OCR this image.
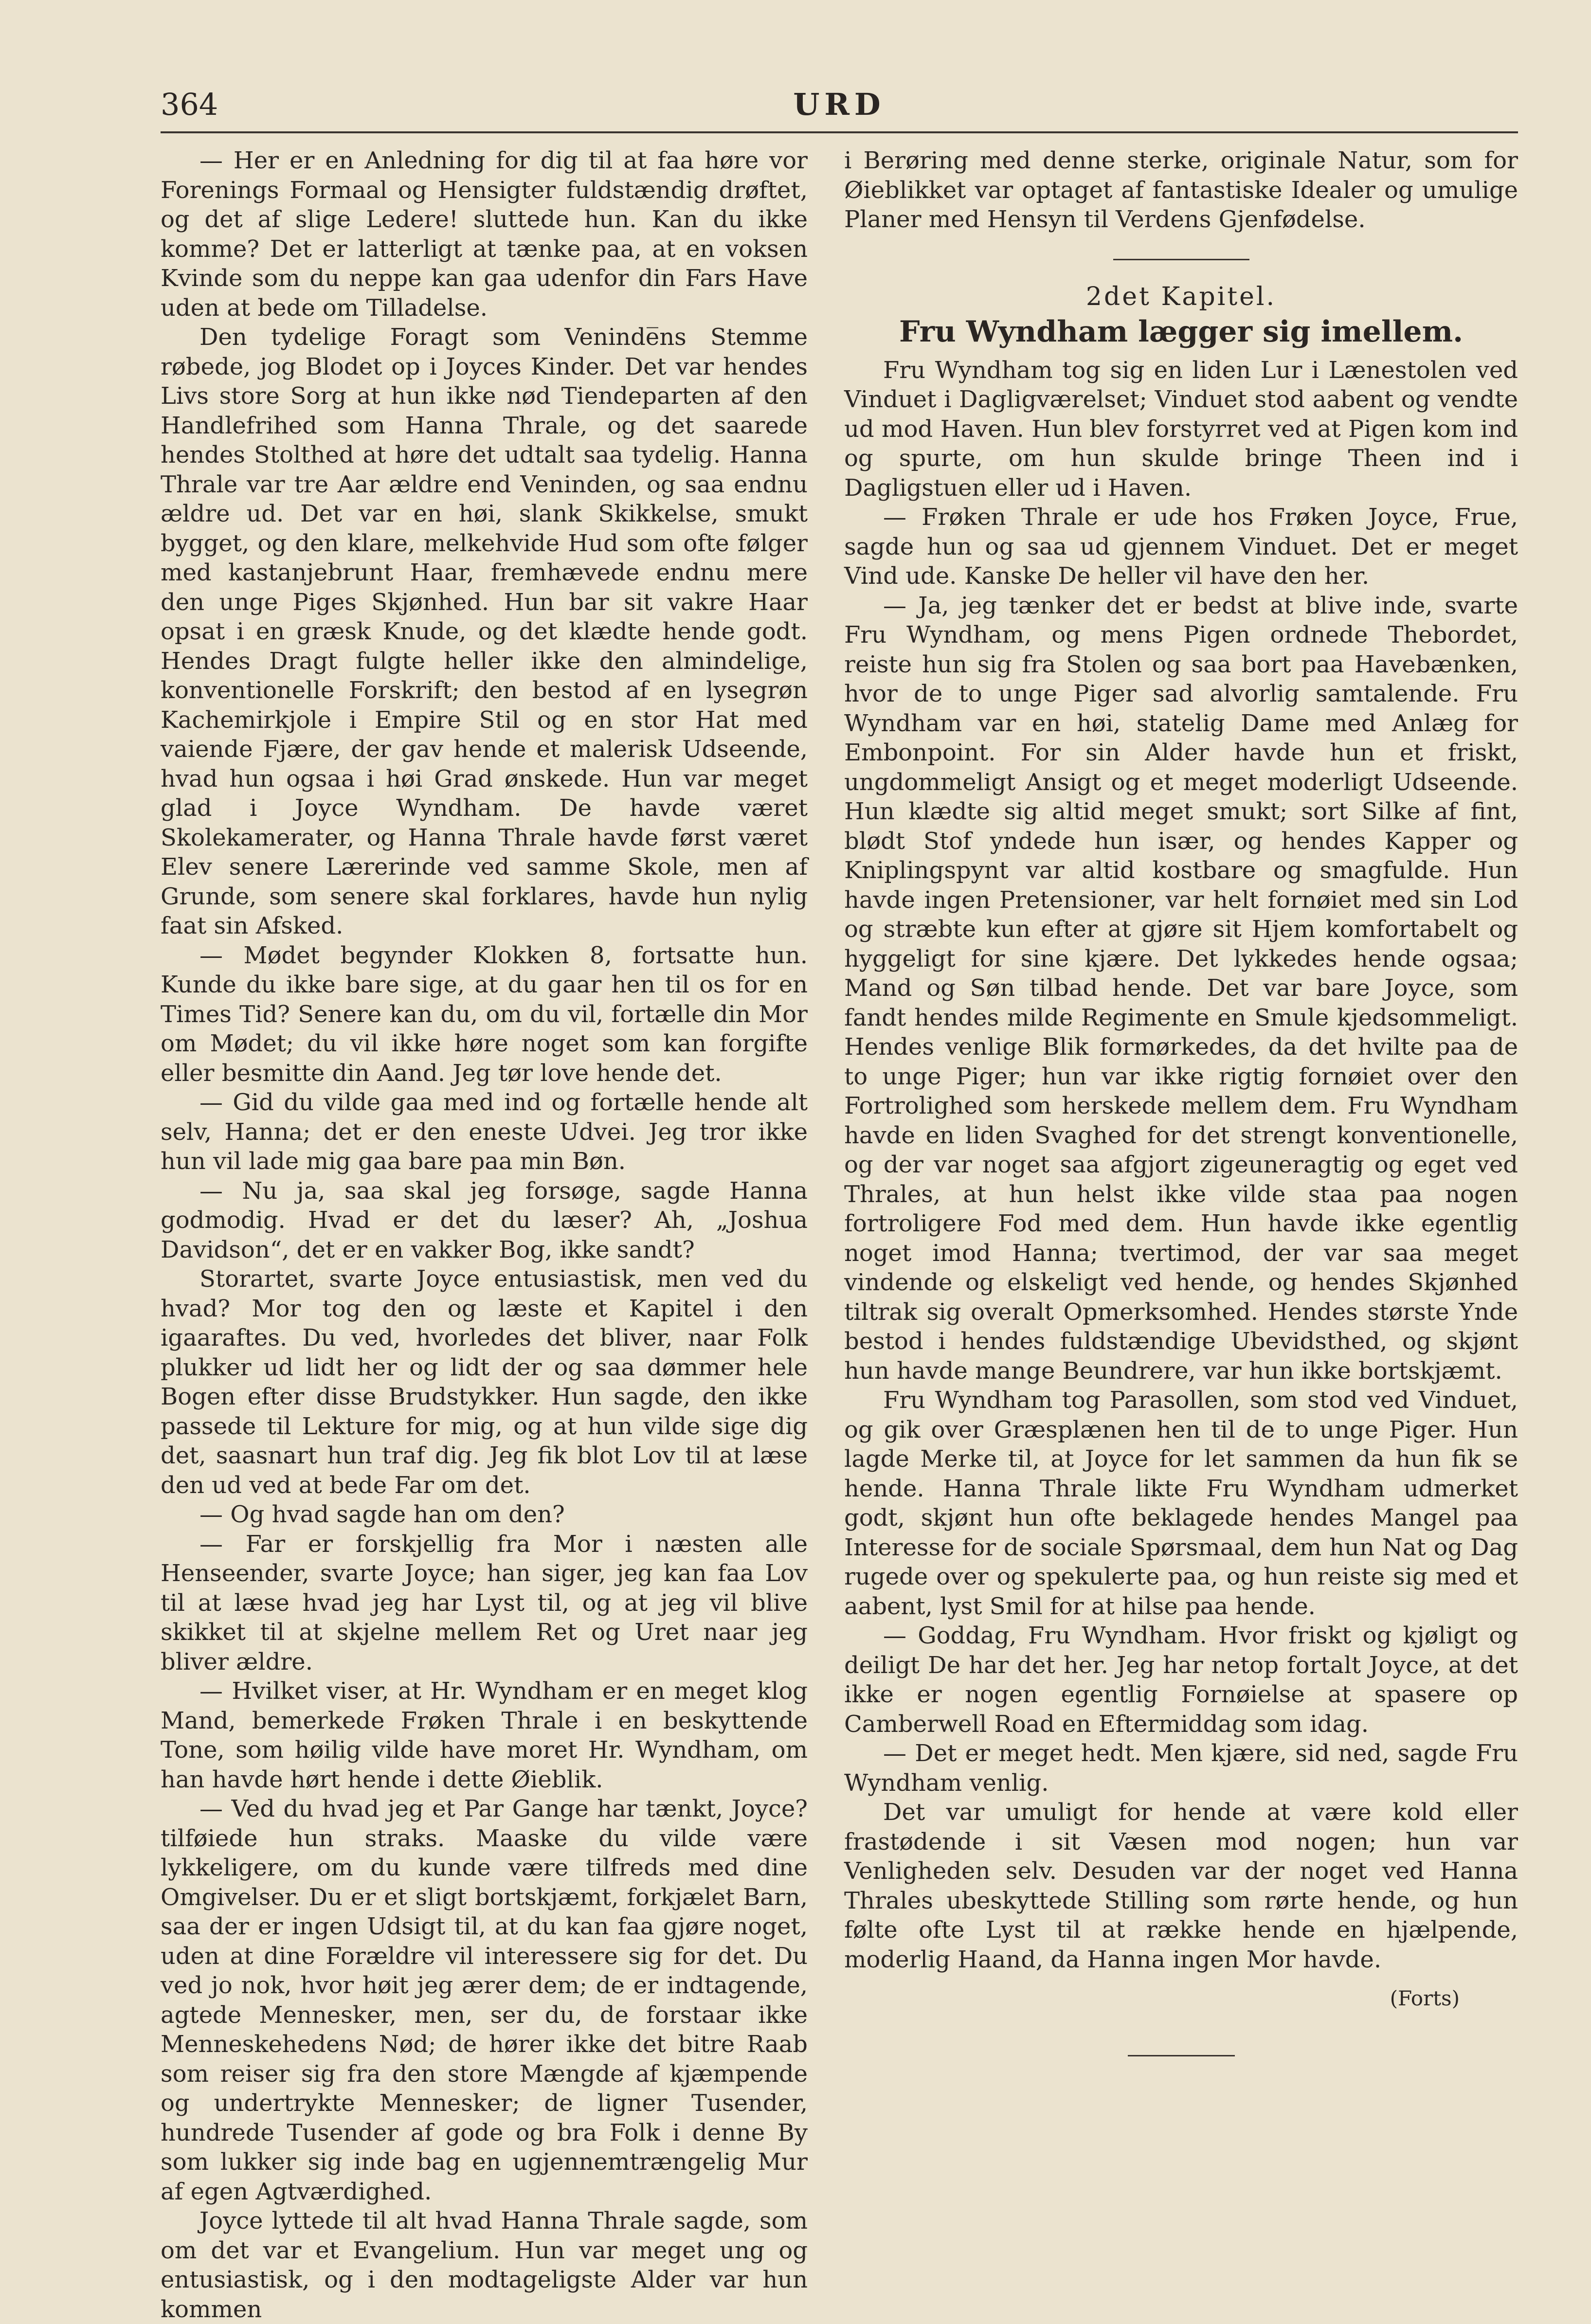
364	URD

— Her er en Anledning for dig til at faa høre vor Forenings Formaal og Hensigter fuldstændig drøftet, og det af slige Ledere! sluttede hun. Kan du ikke komme? Det er latterligt at tænke paa, at en voksen Kvinde som du neppe kan gaa udenfor din Fars Have uden at bede om Tilladelse.

Den tydelige Foragt som Veninde̅ns Stemme røbede, jog Blodet op i Joyces Kinder. Det var hendes Livs store Sorg at hun ikke nød Tiendeparten af den Handlefrihed som Hanna Thrale, og det saarede hendes Stolthed at høre det udtalt saa tydelig. Hanna Thrale var tre Aar ældre end Veninden, og saa endnu ældre ud. Det var en høi, slank Skikkelse, smukt bygget, og den klare, melkehvide Hud som ofte følger med kastanjebrunt Haar, fremhævede endnu mere den unge Piges Skjønhed. Hun bar sit vakre Haar opsat i en græsk Knude, og det klædte hende godt. Hendes Dragt fulgte heller ikke den almindelige, konventionelle Forskrift; den bestod af en lysegrøn Kachemirkjole i Empire Stil og en stor Hat med vaiende Fjære, der gav hende et malerisk Udseende, hvad hun ogsaa i høi Grad ønskede. Hun var meget glad i Joyce Wyndham. De havde været Skolekamerater, og Hanna Thrale havde først været Elev senere Lærerinde ved samme Skole, men af Grunde, som senere skal forklares, havde hun nylig faat sin Afsked.

— Mødet begynder Klokken 8, fortsatte hun. Kunde du ikke bare sige, at du gaar hen til os for en Times Tid? Senere kan du, om du vil, fortælle din Mor om Mødet; du vil ikke høre noget som kan forgifte eller besmitte din Aand. Jeg tør love hende det.

— Gid du vilde gaa med ind og fortælle hende alt selv, Hanna; det er den eneste Udvei. Jeg tror ikke hun vil lade mig gaa bare paa min Bøn.

— Nu ja, saa skal jeg forsøge, sagde Hanna godmodig. Hvad er det du læser? Ah, „Joshua Davidson“, det er en vakker Bog, ikke sandt?

Storartet, svarte Joyce entusiastisk, men ved du hvad? Mor tog den og læste et Kapitel i den igaaraftes. Du ved, hvorledes det bliver, naar Folk plukker ud lidt her og lidt der og saa dømmer hele Bogen efter disse Brudstykker. Hun sagde, den ikke passede til Lekture for mig, og at hun vilde sige dig det, saasnart hun traf dig. Jeg fik blot Lov til at læse den ud ved at bede Far om det.

— Og hvad sagde han om den?

— Far er forskjellig fra Mor i næsten alle Henseender, svarte Joyce; han siger, jeg kan faa Lov til at læse hvad jeg har Lyst til, og at jeg vil blive skikket til at skjelne mellem Ret og Uret naar jeg bliver ældre.

— Hvilket viser, at Hr. Wyndham er en meget klog Mand, bemerkede Frøken Thrale i en beskyttende Tone, som høilig vilde have moret Hr. Wyndham, om han havde hørt hende i dette Øieblik.

— Ved du hvad jeg et Par Gange har tænkt, Joyce? tilføiede hun straks. Maaske du vilde være lykkeligere, om du kunde være tilfreds med dine Omgivelser. Du er et sligt bortskjæmt, forkjælet Barn, saa der er ingen Udsigt til, at du kan faa gjøre noget, uden at dine Forældre vil interessere sig for det. Du ved jo nok, hvor høit jeg ærer dem; de er indtagende, agtede Mennesker, men, ser du, de forstaar ikke Menneskehedens Nød; de hører ikke det bitre Raab som reiser sig fra den store Mængde af kjæmpende og undertrykte Mennesker; de ligner Tusender, hundrede Tusender af gode og bra Folk i denne By som lukker sig inde bag en ugjennemtrængelig Mur af egen Agtværdighed.

Joyce lyttede til alt hvad Hanna Thrale sagde, som om det var et Evangelium. Hun var meget ung og entusiastisk, og i den modtageligste Alder var hun kommen

i Berøring med denne sterke, originale Natur, som for Øieblikket var optaget af fantastiske Idealer og umulige Planer med Hensyn til Verdens Gjenfødelse.

2det Kapitel.
Fru Wyndham lægger sig imellem.

Fru Wyndham tog sig en liden Lur i Lænestolen ved Vinduet i Dagligværelset; Vinduet stod aabent og vendte ud mod Haven. Hun blev forstyrret ved at Pigen kom ind og spurte, om hun skulde bringe Theen ind i Dagligstuen eller ud i Haven.

— Frøken Thrale er ude hos Frøken Joyce, Frue, sagde hun og saa ud gjennem Vinduet. Det er meget Vind ude. Kanske De heller vil have den her.

— Ja, jeg tænker det er bedst at blive inde, svarte Fru Wyndham, og mens Pigen ordnede Thebordet, reiste hun sig fra Stolen og saa bort paa Havebænken, hvor de to unge Piger sad alvorlig samtalende. Fru Wyndham var en høi, statelig Dame med Anlæg for Embonpoint. For sin Alder havde hun et friskt, ungdommeligt Ansigt og et meget moderligt Udseende. Hun klædte sig altid meget smukt; sort Silke af fint, blødt Stof yndede hun især, og hendes Kapper og Kniplingspynt var altid kostbare og smagfulde. Hun havde ingen Pretensioner, var helt fornøiet med sin Lod og stræbte kun efter at gjøre sit Hjem komfortabelt og hyggeligt for sine kjære. Det lykkedes hende ogsaa; Mand og Søn tilbad hende. Det var bare Joyce, som fandt hendes milde Regimente en Smule kjedsommeligt. Hendes venlige Blik formørkedes, da det hvilte paa de to unge Piger; hun var ikke rigtig fornøiet over den Fortrolighed som herskede mellem dem. Fru Wyndham havde en liden Svaghed for det strengt konventionelle, og der var noget saa afgjort zigeuneragtig og eget ved Thrales, at hun helst ikke vilde staa paa nogen fortroligere Fod med dem. Hun havde ikke egentlig noget imod Hanna; tvertimod, der var saa meget vindende og elskeligt ved hende, og hendes Skjønhed tiltrak sig overalt Opmerksomhed. Hendes største Ynde bestod i hendes fuldstændige Ubevidsthed, og skjønt hun havde mange Beundrere, var hun ikke bortskjæmt.

Fru Wyndham tog Parasollen, som stod ved Vinduet, og gik over Græsplænen hen til de to unge Piger. Hun lagde Merke til, at Joyce for let sammen da hun fik se hende. Hanna Thrale likte Fru Wyndham udmerket godt, skjønt hun ofte beklagede hendes Mangel paa Interesse for de sociale Spørsmaal, dem hun Nat og Dag rugede over og spekulerte paa, og hun reiste sig med et aabent, lyst Smil for at hilse paa hende.

— Goddag, Fru Wyndham. Hvor friskt og kjøligt og deiligt De har det her. Jeg har netop fortalt Joyce, at det ikke er nogen egentlig Fornøielse at spasere op Camberwell Road en Eftermiddag som idag.

— Det er meget hedt. Men kjære, sid ned, sagde Fru Wyndham venlig.

Det var umuligt for hende at være kold eller frastødende i sit Væsen mod nogen; hun var Venligheden selv. Desuden var der noget ved Hanna Thrales ubeskyttede Stilling som rørte hende, og hun følte ofte Lyst til at række hende en hjælpende, moderlig Haand, da Hanna ingen Mor havde.

(Forts)
